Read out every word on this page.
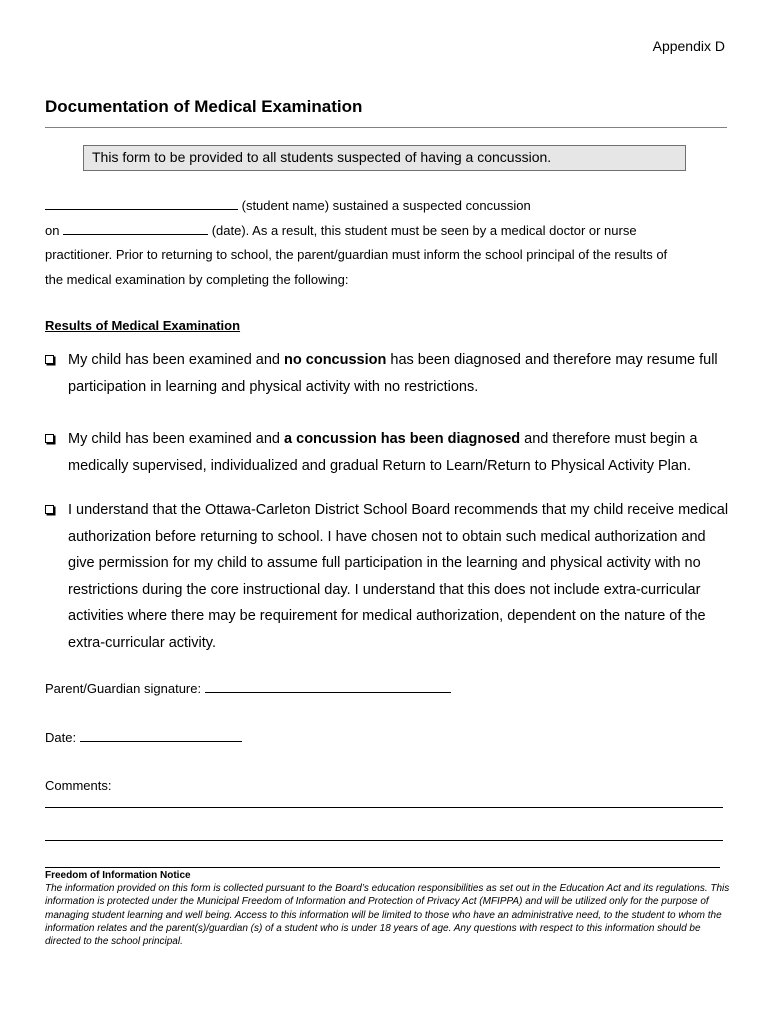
Appendix D
Documentation of Medical Examination
This form to be provided to all students suspected of having a concussion.
(student name) sustained a suspected concussion
on	(date). As a result, this student must be seen by a medical doctor or nurse
practitioner. Prior to returning to school, the parent/guardian must inform the school principal of the results of
the medical examination by completing the following:
Results of Medical Examination
My child has been examined and no concussion has been diagnosed and therefore may resume full participation in learning and physical activity with no restrictions.
My child has been examined and a concussion has been diagnosed and therefore must begin a medically supervised, individualized and gradual Return to Learn/Return to Physical Activity Plan.
I understand that the Ottawa-Carleton District School Board recommends that my child receive medical authorization before returning to school. I have chosen not to obtain such medical authorization and give permission for my child to assume full participation in the learning and physical activity with no restrictions during the core instructional day. I understand that this does not include extra-curricular activities where there may be requirement for medical authorization, dependent on the nature of the extra-curricular activity.
Parent/Guardian signature:
Date:
Comments:
Freedom of Information Notice
The information provided on this form is collected pursuant to the Board’s education responsibilities as set out in the Education Act and its regulations. This information is protected under the Municipal Freedom of Information and Protection of Privacy Act (MFIPPA) and will be utilized only for the purpose of managing student learning and well being. Access to this information will be limited to those who have an administrative need, to the student to whom the information relates and the parent(s)/guardian (s) of a student who is under 18 years of age. Any questions with respect to this information should be directed to the school principal.
